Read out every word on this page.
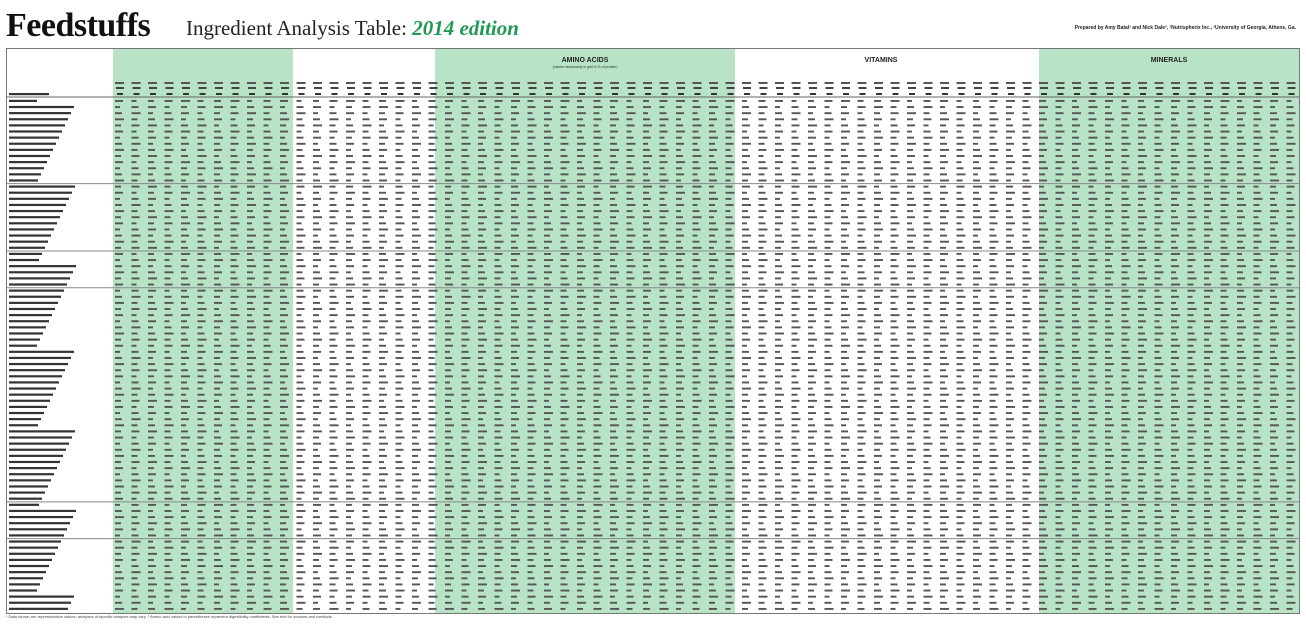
Feedstuffs Ingredient Analysis Table: 2014 edition	Prepared by Amy Batal¹ and Nick Dale², ¹Nutrispherix Inc., ²University of Georgia, Athens, Ga.
AMINO ACIDS
(values necessarily in grid in % of protein)
VITAMINS	MINERALS
¹ Data shown are representative values; analyses of specific samples may vary. ² Amino acid values in parentheses represent digestibility coefficients. See text for sources and methods.
